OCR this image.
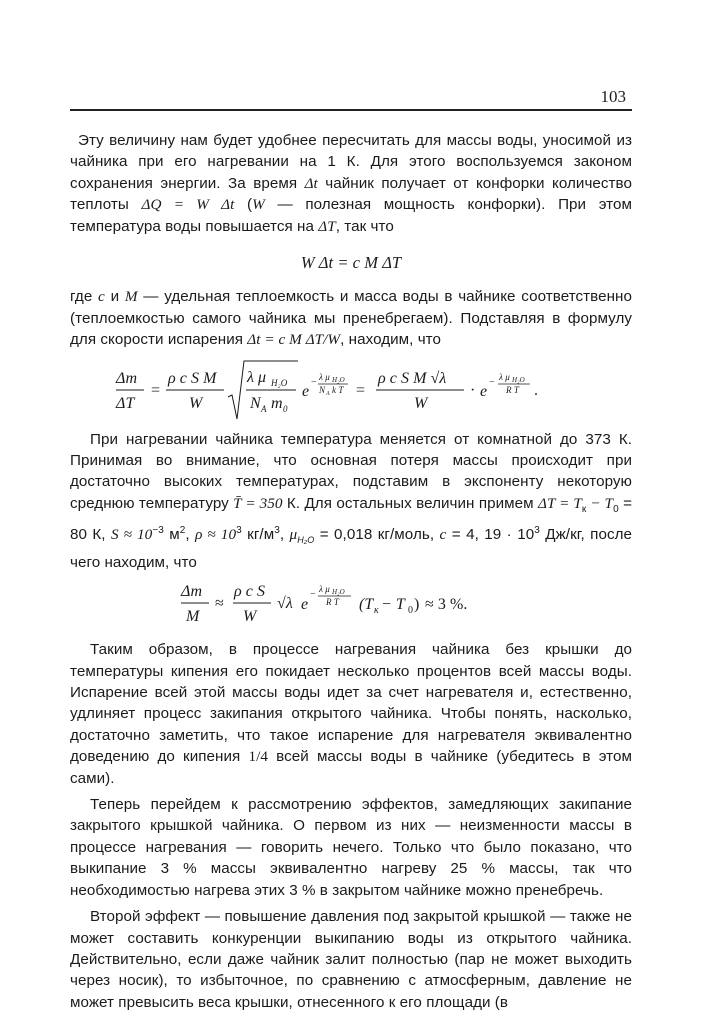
103

Эту величину нам будет удобнее пересчитать для массы воды, уносимой из чайника при его нагревании на 1 К. Для этого воспользуемся законом сохранения энергии. За время Δt чайник получает от конфорки количество теплоты ΔQ = W Δt (W — полезная мощность конфорки). При этом температура воды повышается на ΔT, так что

W Δt = c M ΔT

где c и M — удельная теплоемкость и масса воды в чайнике соответственно (теплоемкостью самого чайника мы пренебрегаем). Подставляя в формулу для скорости испарения Δt = c M ΔT/W, находим, что

Δm
ΔT
=
ρ c S M
W
λ μ H₂O
N A m 0
e
− λ μ H₂O
N A k T =
ρ c S M √λ
W
· e
− λ μ H₂O
R T .

При нагревании чайника температура меняется от комнатной до 373 К. Принимая во внимание, что основная потеря массы происходит при достаточно высоких температурах, подставим в экспоненту некоторую среднюю температуру T̄ = 350 К. Для остальных величин примем $\Delta T = T_к - T_0 = 80$ К, $S \approx 10^{-3}$ $м^2$, $\rho \approx 10^3$ $кг/м^3$, $\mu_{H_2O} = 0,018$ кг/моль, c = 4, $19 \cdot 10^3$ Дж/кг, после чего находим, что

Δm
M
≈
ρ c S
W
√λ e
− λ μ H₂O
R T (T к − T 0 ) ≈ 3 %.

Таким образом, в процессе нагревания чайника без крышки до температуры кипения его покидает несколько процентов всей массы воды. Испарение всей этой массы воды идет за счет нагревателя и, естественно, удлиняет процесс закипания открытого чайника. Чтобы понять, насколько, достаточно заметить, что такое испарение для нагревателя эквивалентно доведению до кипения 1/4 всей массы воды в чайнике (убедитесь в этом сами).

Теперь перейдем к рассмотрению эффектов, замедляющих закипание закрытого крышкой чайника. О первом из них — неизменности массы в процессе нагревания — говорить нечего. Только что было показано, что выкипание 3 % массы эквивалентно нагреву 25 % массы, так что необходимостью нагрева этих 3 % в закрытом чайнике можно пренебречь.

Второй эффект — повышение давления под закрытой крышкой — также не может составить конкуренции выкипанию воды из открытого чайника. Действительно, если даже чайник залит полностью (пар не может выходить через носик), то избыточное, по сравнению с атмосферным, давление не может превысить веса крышки, отнесенного к его площади (в
